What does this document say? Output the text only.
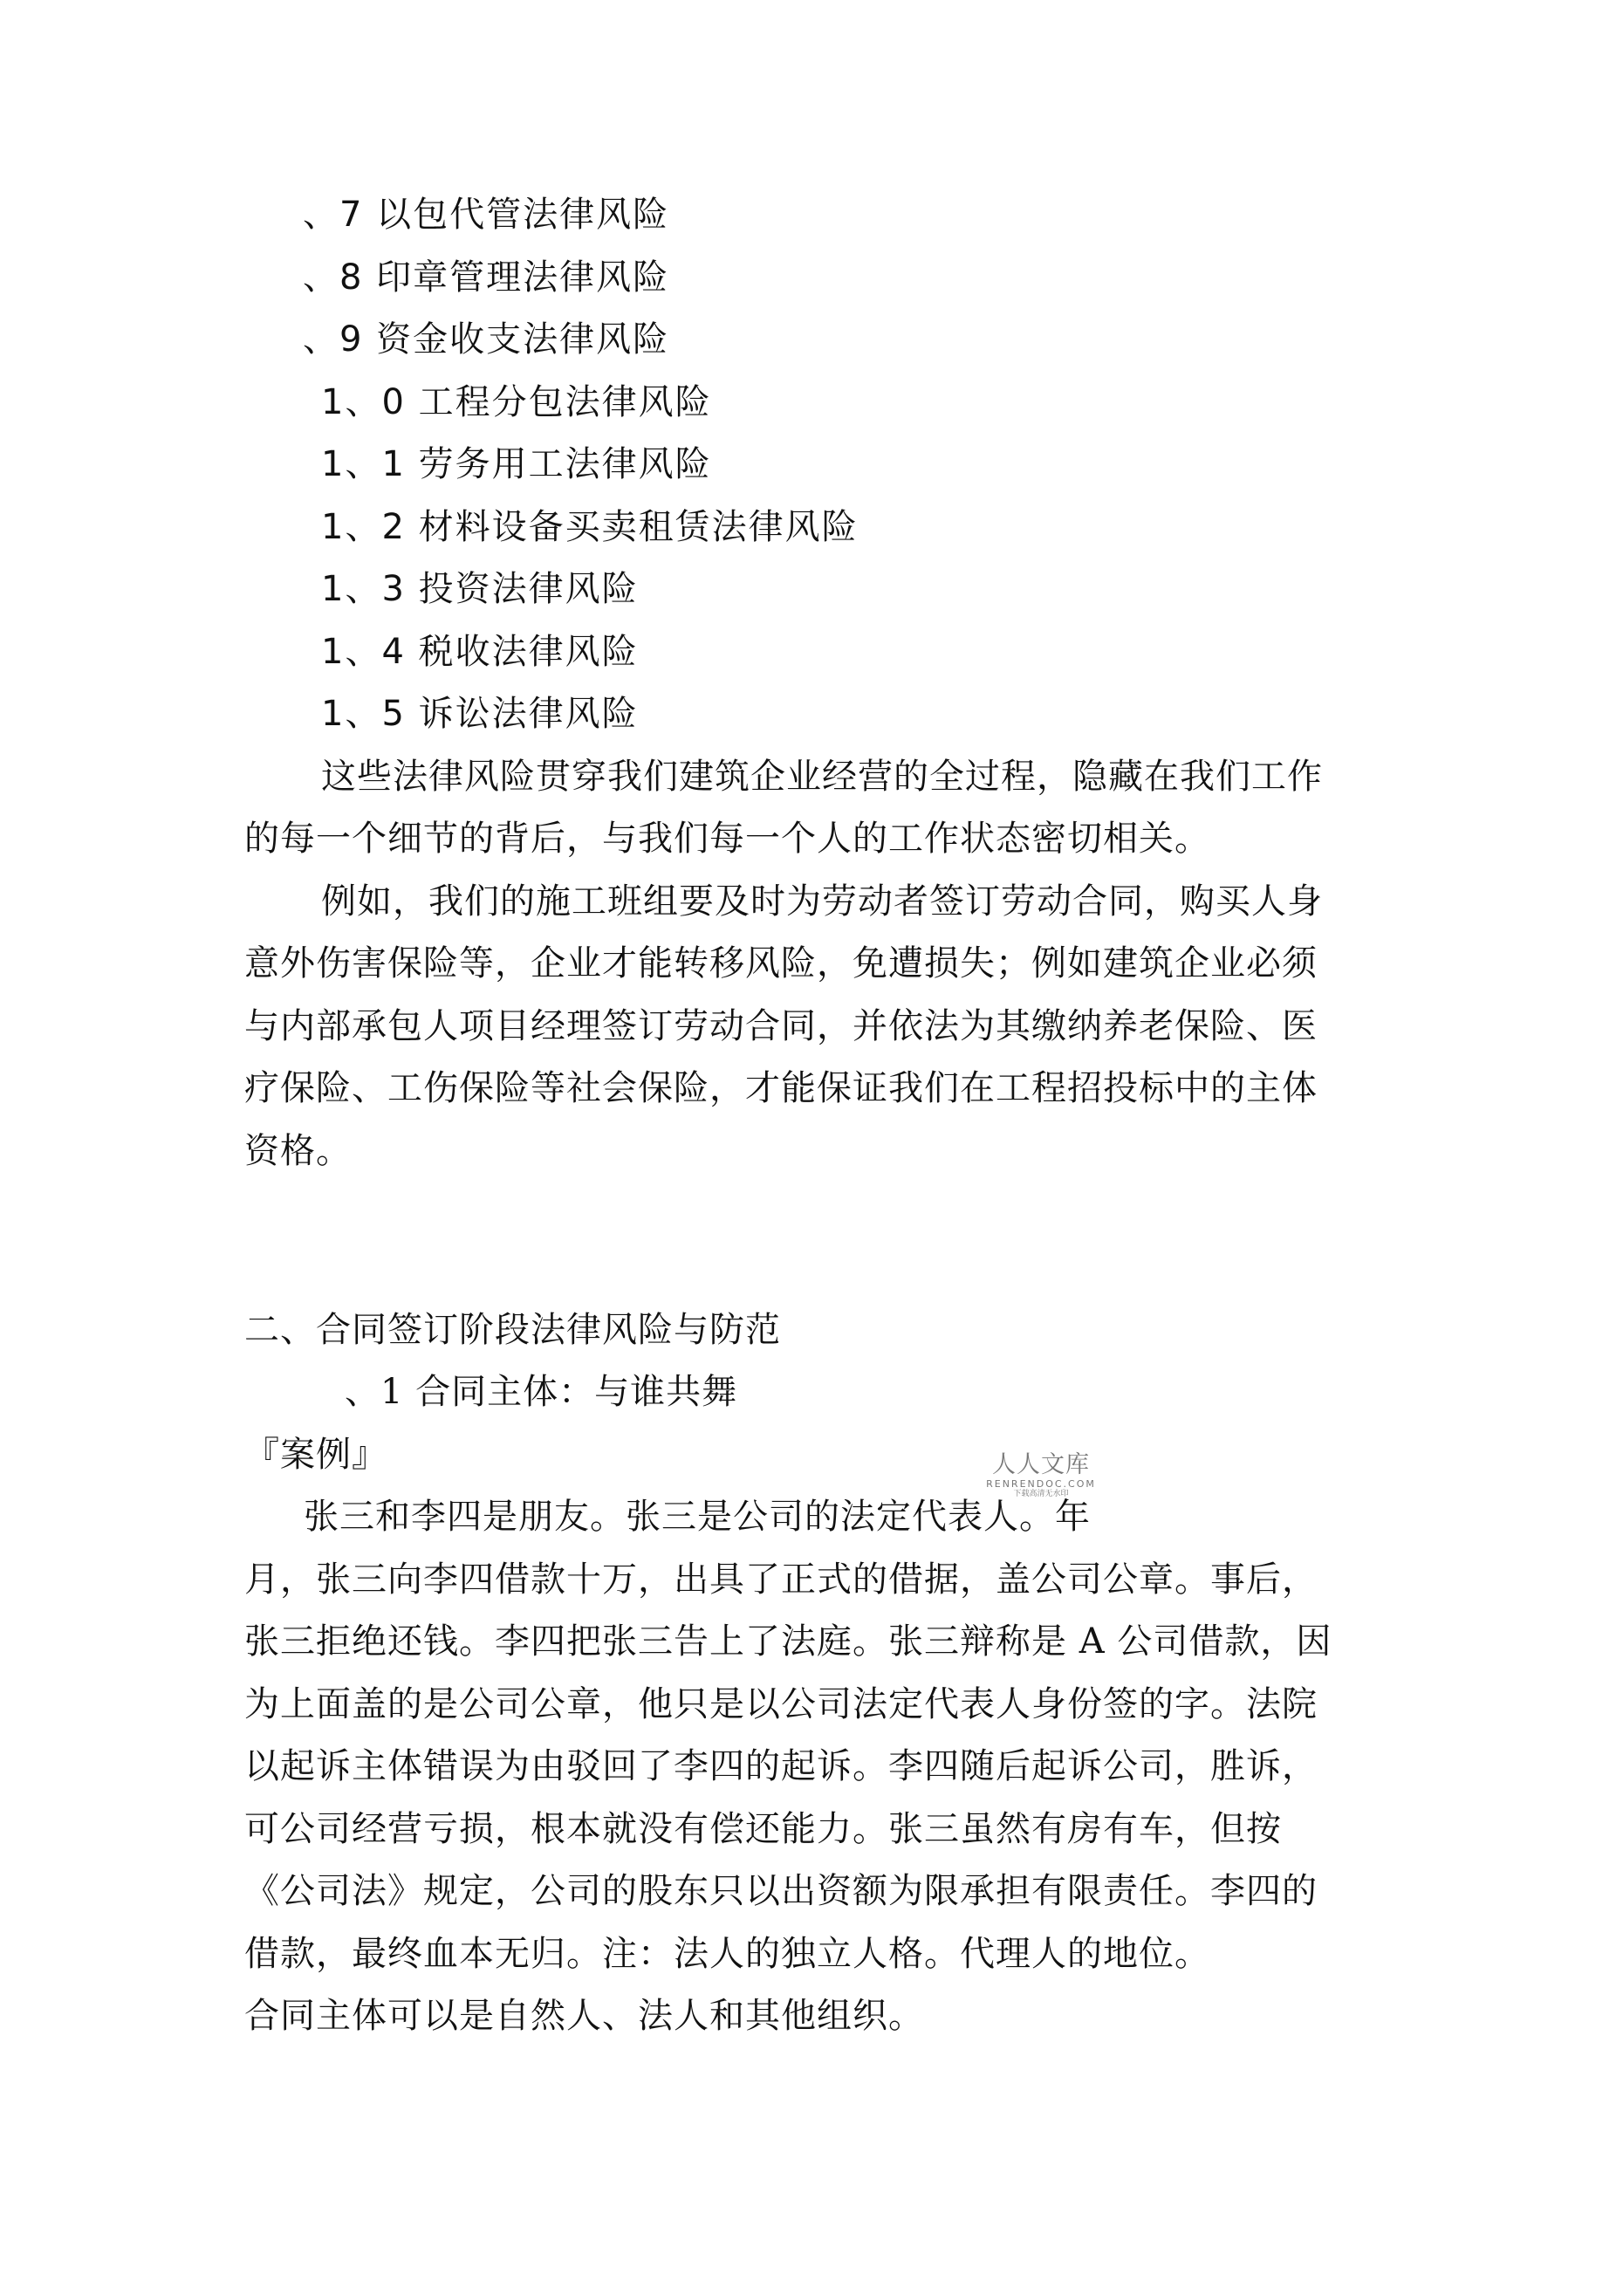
、7 以包代管法律风险
、8 印章管理法律风险
、9 资金收支法律风险
1、0 工程分包法律风险
1、1 劳务用工法律风险
1、2 材料设备买卖租赁法律风险
1、3 投资法律风险
1、4 税收法律风险
1、5 诉讼法律风险
这些法律风险贯穿我们建筑企业经营的全过程，隐藏在我们工作
的每一个细节的背后，与我们每一个人的工作状态密切相关。
例如，我们的施工班组要及时为劳动者签订劳动合同，购买人身
意外伤害保险等，企业才能转移风险，免遭损失；例如建筑企业必须
与内部承包人项目经理签订劳动合同，并依法为其缴纳养老保险、医
疗保险、工伤保险等社会保险，才能保证我们在工程招投标中的主体
资格。
二、合同签订阶段法律风险与防范
、1 合同主体：与谁共舞
『案例』
张三和李四是朋友。张三是公司的法定代表人。年
月，张三向李四借款十万，出具了正式的借据，盖公司公章。事后，
张三拒绝还钱。李四把张三告上了法庭。张三辩称是 A 公司借款，因
为上面盖的是公司公章，他只是以公司法定代表人身份签的字。法院
以起诉主体错误为由驳回了李四的起诉。李四随后起诉公司，胜诉，
可公司经营亏损，根本就没有偿还能力。张三虽然有房有车，但按
《公司法》规定，公司的股东只以出资额为限承担有限责任。李四的
借款，最终血本无归。注：法人的独立人格。代理人的地位。
合同主体可以是自然人、法人和其他组织。
人人文库
RENRENDOC.COM
下载高清无水印
